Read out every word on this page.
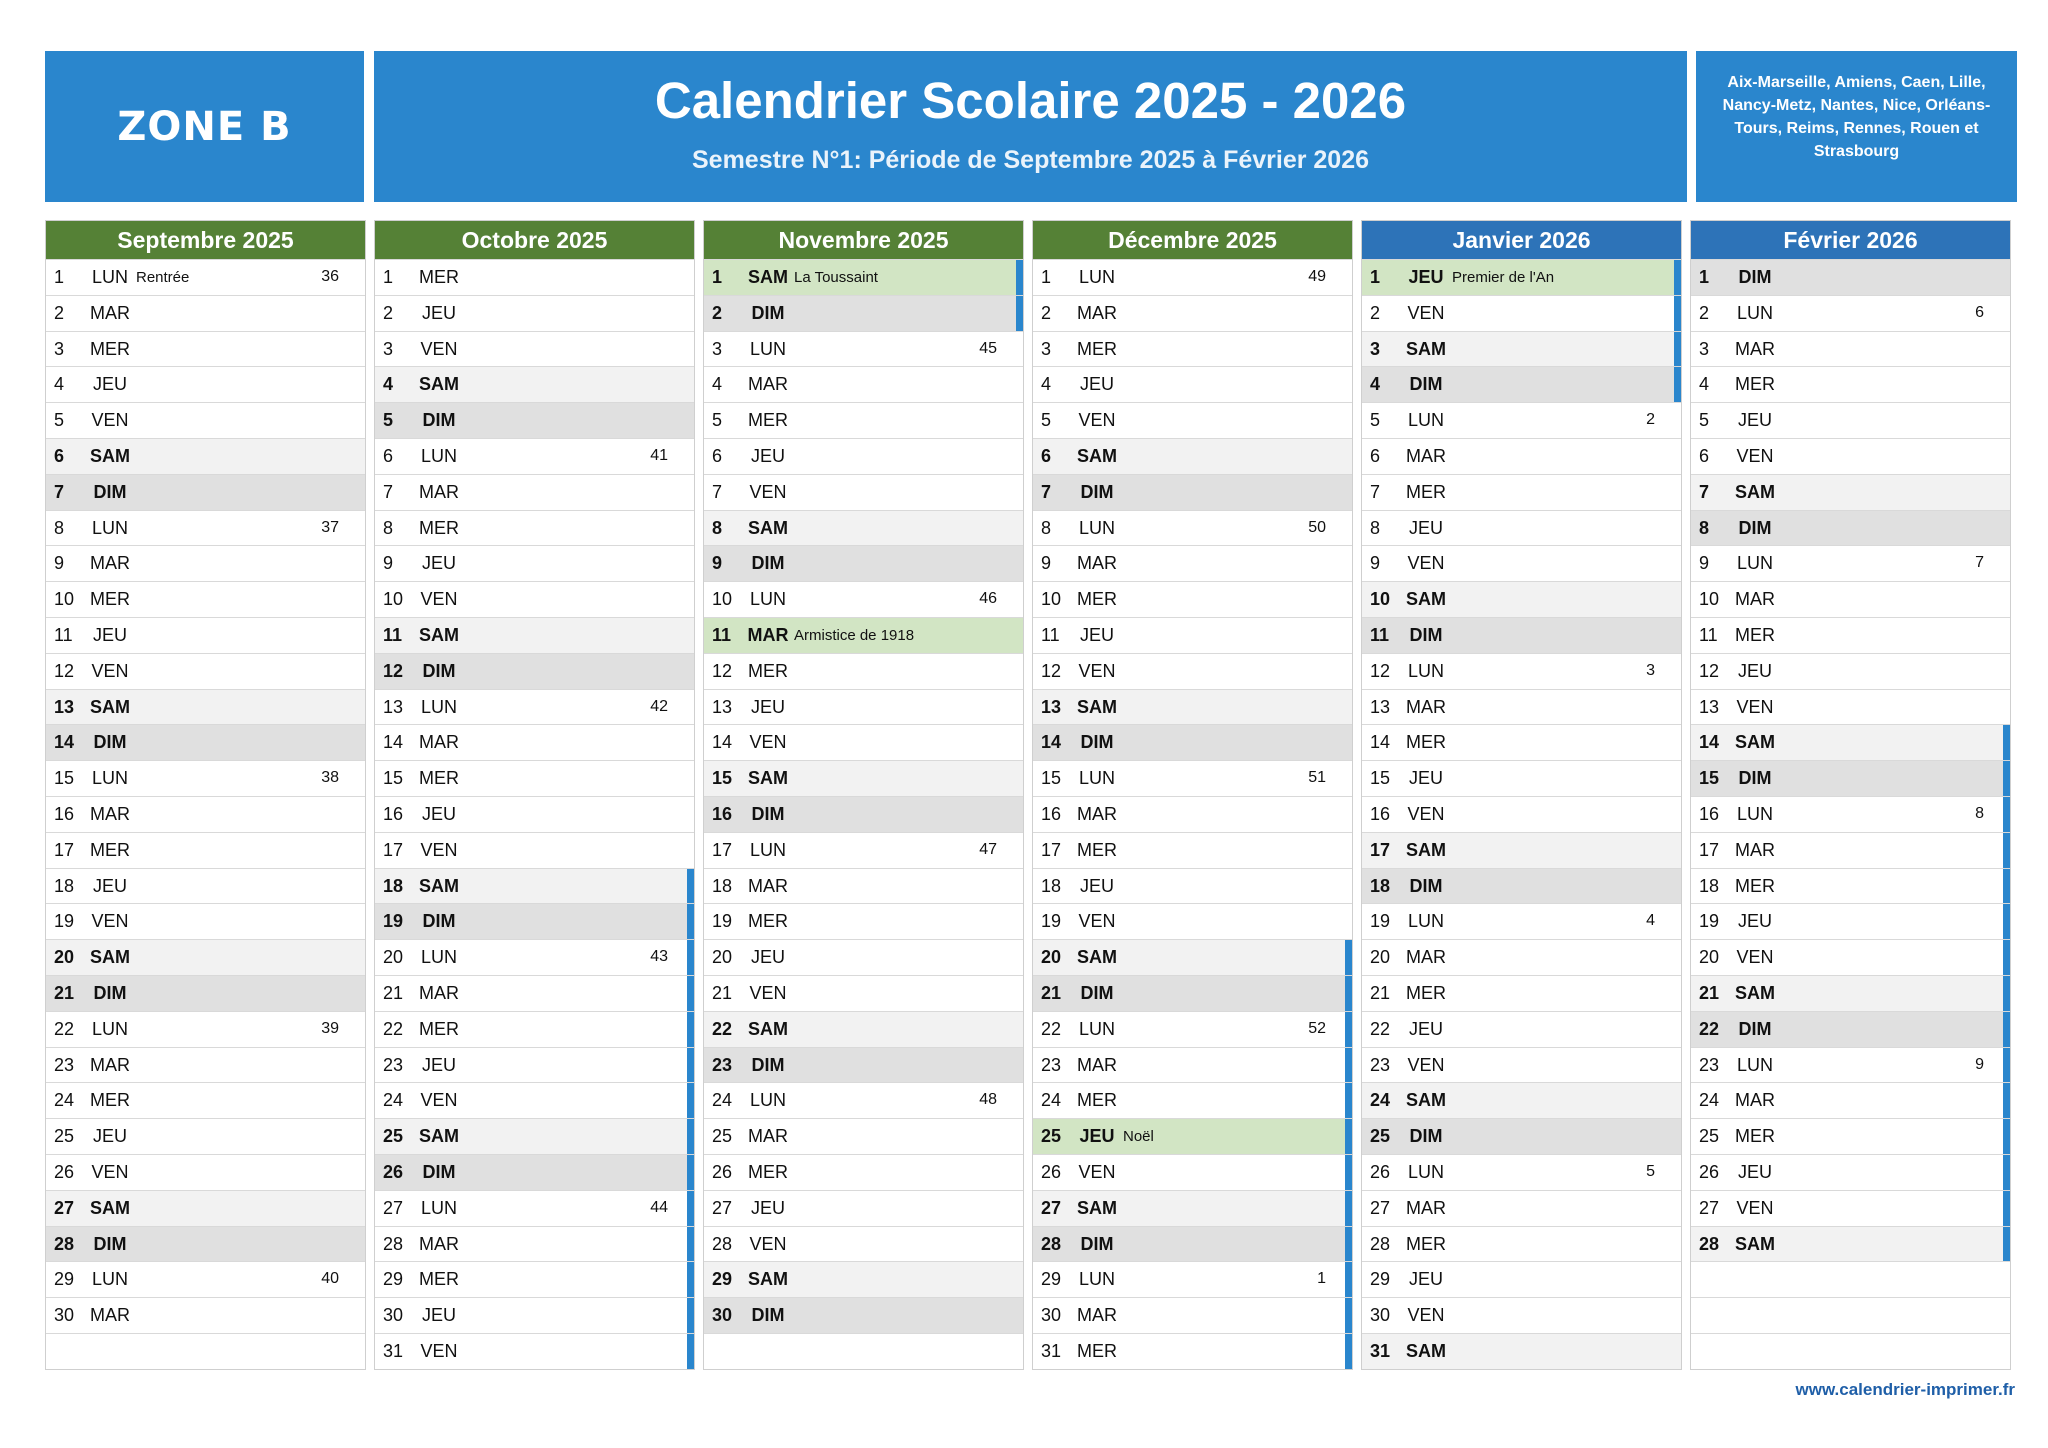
ZONE B	Calendrier Scolaire 2025 - 2026
Semestre N°1: Période de Septembre 2025 à Février 2026
Aix-Marseille, Amiens, Caen, Lille, Nancy-Metz, Nantes, Nice, Orléans-Tours, Reims, Rennes, Rouen et Strasbourg
Septembre 2025
1	LUN Rentrée	36
2 MAR
3 MER
4	JEU
5	VEN
6 SAM
7	DIM
8	LUN	37
9 MAR
10 MER
11	JEU
12 VEN
13 SAM
14	DIM
15 LUN	38
16 MAR
17 MER
18	JEU
19 VEN
20 SAM
21	DIM
22 LUN	39
23 MAR
24 MER
25	JEU
26 VEN
27 SAM
28	DIM
29 LUN	40
30 MAR
Octobre 2025
1 MER
2	JEU
3	VEN
4 SAM
5	DIM
6	LUN	41
7 MAR
8 MER
9	JEU
10 VEN
11 SAM
12	DIM
13 LUN	42
14 MAR
15 MER
16	JEU
17 VEN
18 SAM
19	DIM
20 LUN	43
21 MAR
22 MER
23	JEU
24 VEN
25 SAM
26	DIM
27 LUN	44
28 MAR
29 MER
30	JEU
31 VEN
Novembre 2025
1 SAM La Toussaint
2	DIM
3	LUN	45
4 MAR
5 MER
6	JEU
7	VEN
8 SAM
9	DIM
10 LUN	46
11 MAR Armistice de 1918
12 MER
13	JEU
14 VEN
15 SAM
16	DIM
17 LUN	47
18 MAR
19 MER
20	JEU
21 VEN
22 SAM
23	DIM
24 LUN	48
25 MAR
26 MER
27	JEU
28 VEN
29 SAM
30	DIM
Décembre 2025
1	LUN	49
2 MAR
3 MER
4	JEU
5	VEN
6 SAM
7	DIM
8	LUN	50
9 MAR
10 MER
11	JEU
12 VEN
13 SAM
14	DIM
15 LUN	51
16 MAR
17 MER
18	JEU
19 VEN
20 SAM
21	DIM
22 LUN	52
23 MAR
24 MER
25	JEU Noël
26 VEN
27 SAM
28	DIM
29 LUN	1
30 MAR
31 MER
Janvier 2026
1	JEU Premier de l'An
2	VEN
3 SAM
4	DIM
5	LUN	2
6 MAR
7 MER
8	JEU
9	VEN
10 SAM
11	DIM
12 LUN	3
13 MAR
14 MER
15	JEU
16 VEN
17 SAM
18	DIM
19 LUN	4
20 MAR
21 MER
22	JEU
23 VEN
24 SAM
25	DIM
26 LUN	5
27 MAR
28 MER
29	JEU
30 VEN
31 SAM
Février 2026
1	DIM
2	LUN	6
3 MAR
4 MER
5	JEU
6	VEN
7 SAM
8	DIM
9	LUN	7
10 MAR
11 MER
12	JEU
13 VEN
14 SAM
15	DIM
16 LUN	8
17 MAR
18 MER
19	JEU
20 VEN
21 SAM
22	DIM
23 LUN	9
24 MAR
25 MER
26	JEU
27 VEN
28 SAM
www.calendrier-imprimer.fr
